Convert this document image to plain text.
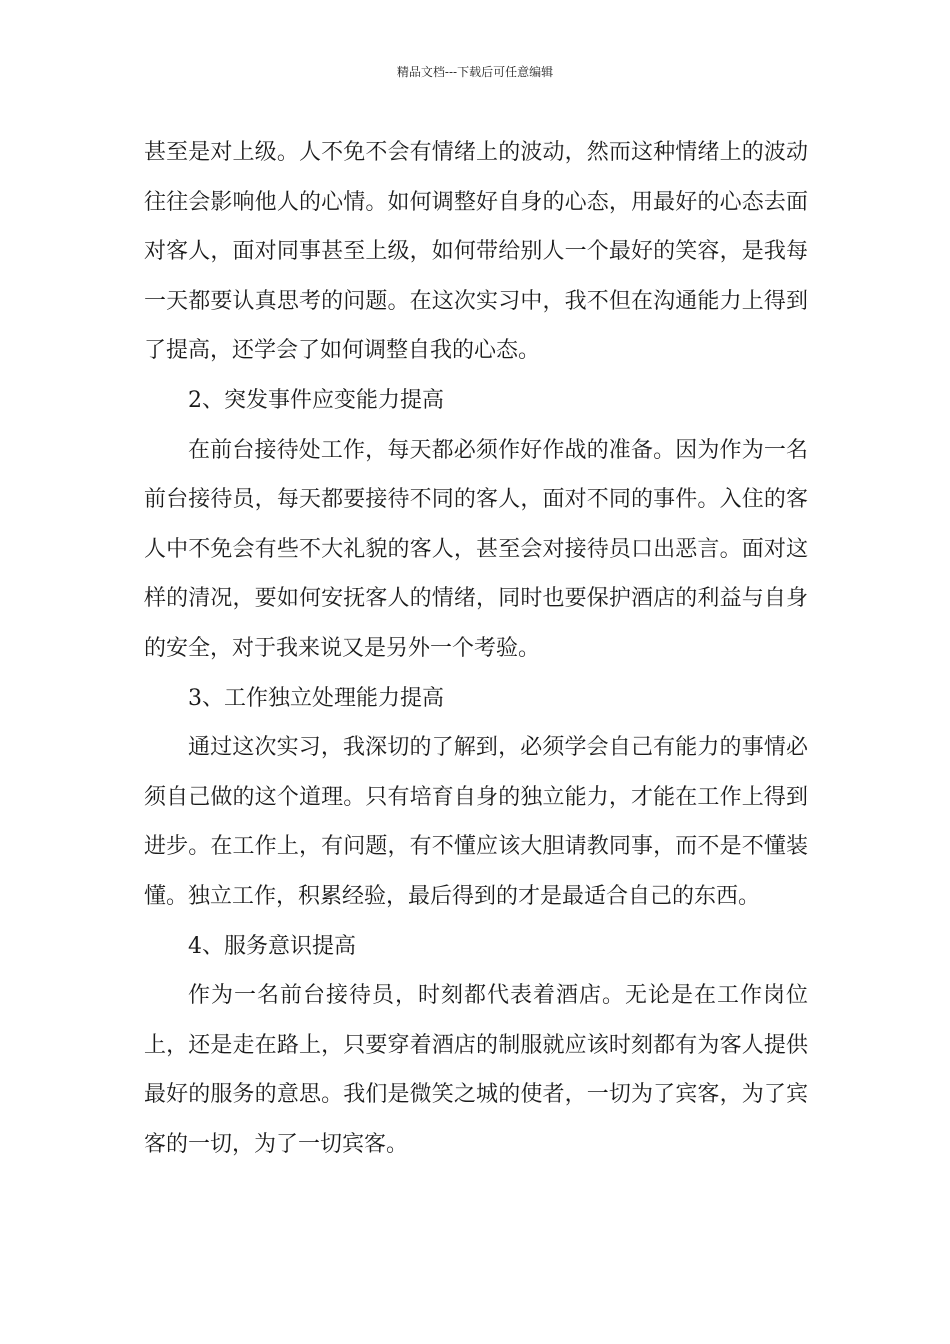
精品文档---下载后可任意编辑

甚至是对上级。人不免不会有情绪上的波动，然而这种情绪上的波动往往会影响他人的心情。如何调整好自身的心态，用最好的心态去面对客人，面对同事甚至上级，如何带给别人一个最好的笑容，是我每一天都要认真思考的问题。在这次实习中，我不但在沟通能力上得到了提高，还学会了如何调整自我的心态。

2、突发事件应变能力提高

在前台接待处工作，每天都必须作好作战的准备。因为作为一名前台接待员，每天都要接待不同的客人，面对不同的事件。入住的客人中不免会有些不大礼貌的客人，甚至会对接待员口出恶言。面对这样的清况，要如何安抚客人的情绪，同时也要保护酒店的利益与自身的安全，对于我来说又是另外一个考验。

3、工作独立处理能力提高

通过这次实习，我深切的了解到，必须学会自己有能力的事情必须自己做的这个道理。只有培育自身的独立能力，才能在工作上得到进步。在工作上，有问题，有不懂应该大胆请教同事，而不是不懂装懂。独立工作，积累经验，最后得到的才是最适合自己的东西。

4、服务意识提高

作为一名前台接待员，时刻都代表着酒店。无论是在工作岗位上，还是走在路上，只要穿着酒店的制服就应该时刻都有为客人提供最好的服务的意思。我们是微笑之城的使者，一切为了宾客，为了宾客的一切，为了一切宾客。
